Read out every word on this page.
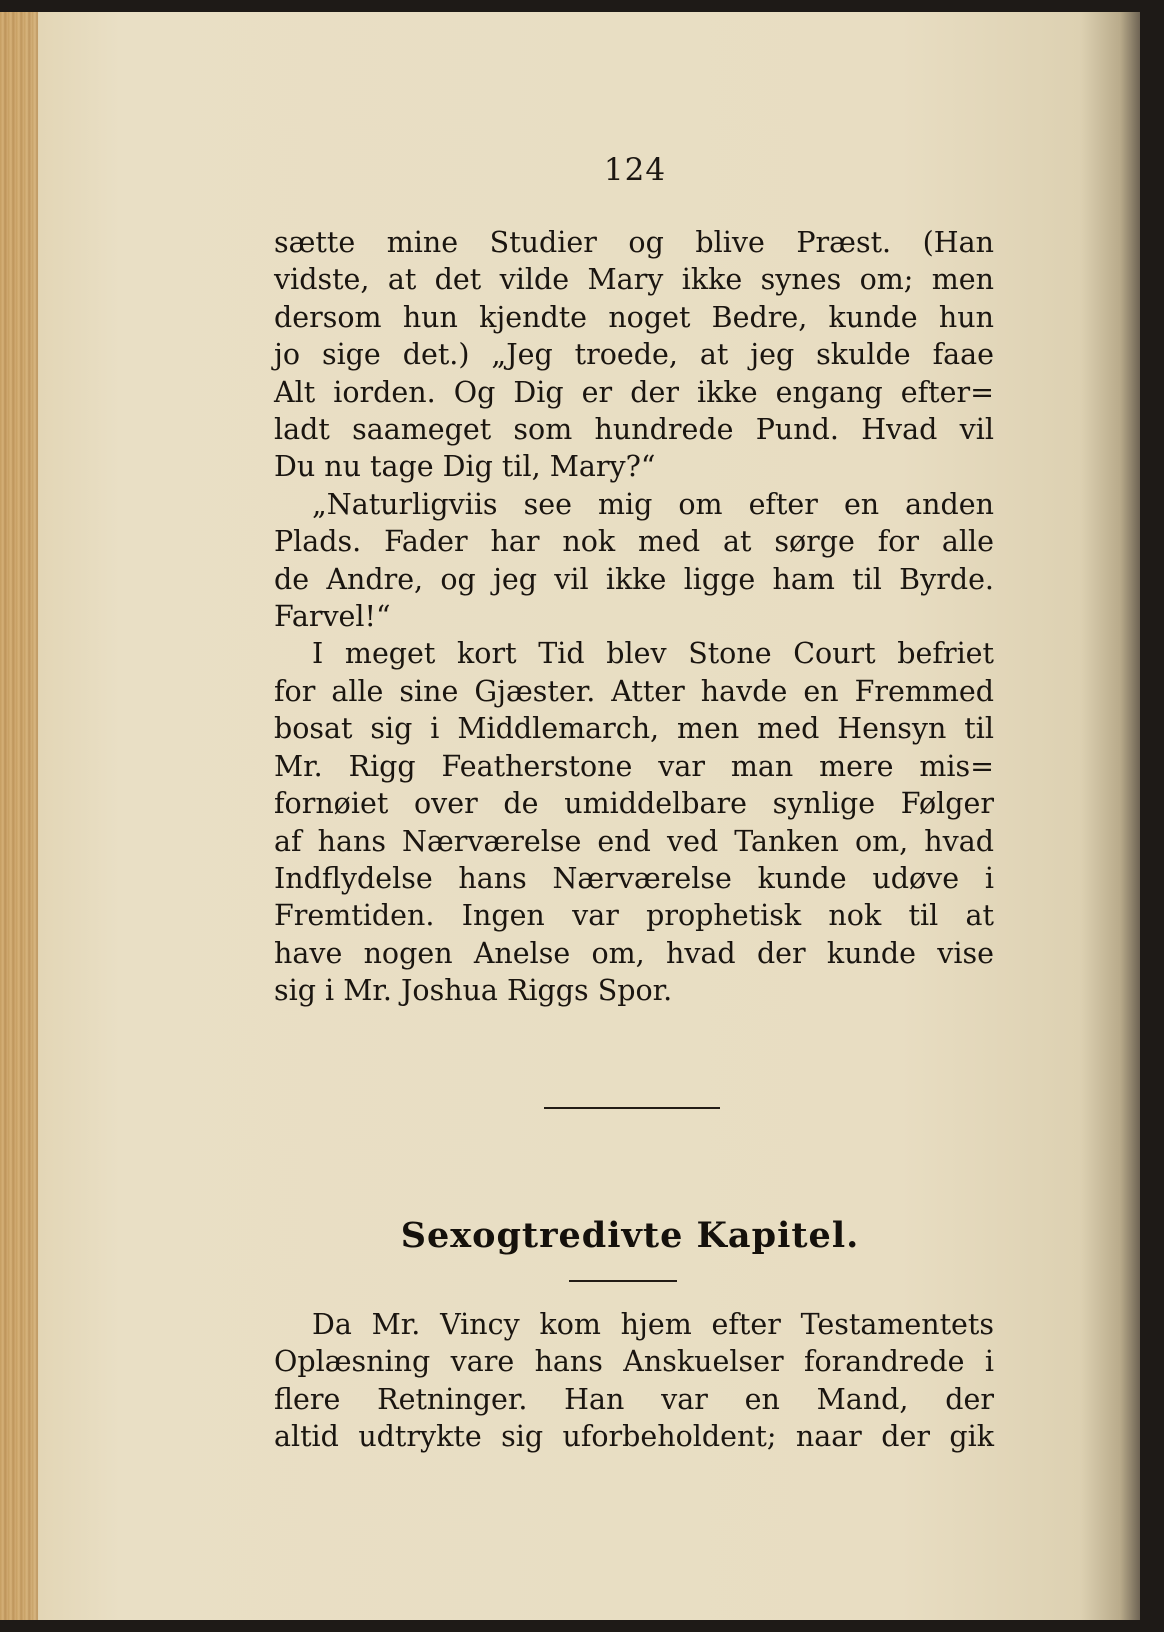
124
sætte mine Studier og blive Præst. (Han
vidste, at det vilde Mary ikke synes om; men
dersom hun kjendte noget Bedre, kunde hun
jo sige det.) „Jeg troede, at jeg skulde faae
Alt iorden. Og Dig er der ikke engang efter=
ladt saameget som hundrede Pund. Hvad vil
Du nu tage Dig til, Mary?“
„Naturligviis see mig om efter en anden
Plads. Fader har nok med at sørge for alle
de Andre, og jeg vil ikke ligge ham til Byrde.
Farvel!“
I meget kort Tid blev Stone Court befriet
for alle sine Gjæster. Atter havde en Fremmed
bosat sig i Middlemarch, men med Hensyn til
Mr. Rigg Featherstone var man mere mis=
fornøiet over de umiddelbare synlige Følger
af hans Nærværelse end ved Tanken om, hvad
Indflydelse hans Nærværelse kunde udøve i
Fremtiden. Ingen var prophetisk nok til at
have nogen Anelse om, hvad der kunde vise
sig i Mr. Joshua Riggs Spor.
Sexogtredivte Kapitel.
Da Mr. Vincy kom hjem efter Testamentets
Oplæsning vare hans Anskuelser forandrede i
flere Retninger. Han var en Mand, der
altid udtrykte sig uforbeholdent; naar der gik
